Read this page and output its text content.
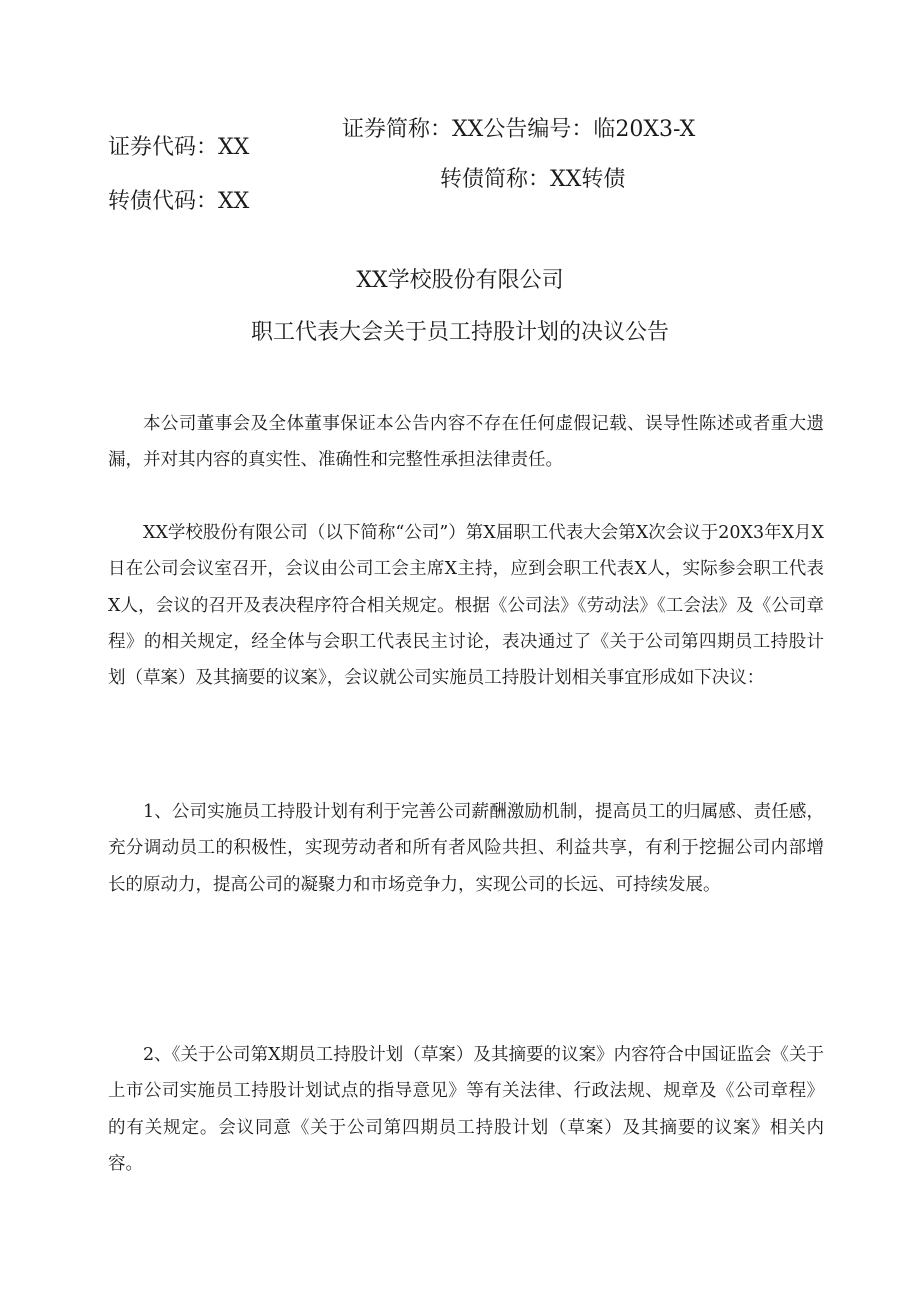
证券代码：XX
转债代码：XX
证券简称：XX公告编号：临20X3-X
转债简称：XX转债
XX学校股份有限公司
职工代表大会关于员工持股计划的决议公告

本公司董事会及全体董事保证本公告内容不存在任何虚假记载、误导性陈述或者重大遗漏，并对其内容的真实性、准确性和完整性承担法律责任。

XX学校股份有限公司（以下简称“公司”）第X届职工代表大会第X次会议于20X3年X月X日在公司会议室召开，会议由公司工会主席X主持，应到会职工代表X人，实际参会职工代表X人，会议的召开及表决程序符合相关规定。根据《公司法》《劳动法》《工会法》及《公司章程》的相关规定，经全体与会职工代表民主讨论，表决通过了《关于公司第四期员工持股计划（草案）及其摘要的议案》，会议就公司实施员工持股计划相关事宜形成如下决议：

1、公司实施员工持股计划有利于完善公司薪酬激励机制，提高员工的归属感、责任感，充分调动员工的积极性，实现劳动者和所有者风险共担、利益共享，有利于挖掘公司内部增长的原动力，提高公司的凝聚力和市场竞争力，实现公司的长远、可持续发展。

2、《关于公司第X期员工持股计划（草案）及其摘要的议案》内容符合中国证监会《关于上市公司实施员工持股计划试点的指导意见》等有关法律、行政法规、规章及《公司章程》的有关规定。会议同意《关于公司第四期员工持股计划（草案）及其摘要的议案》相关内容。
